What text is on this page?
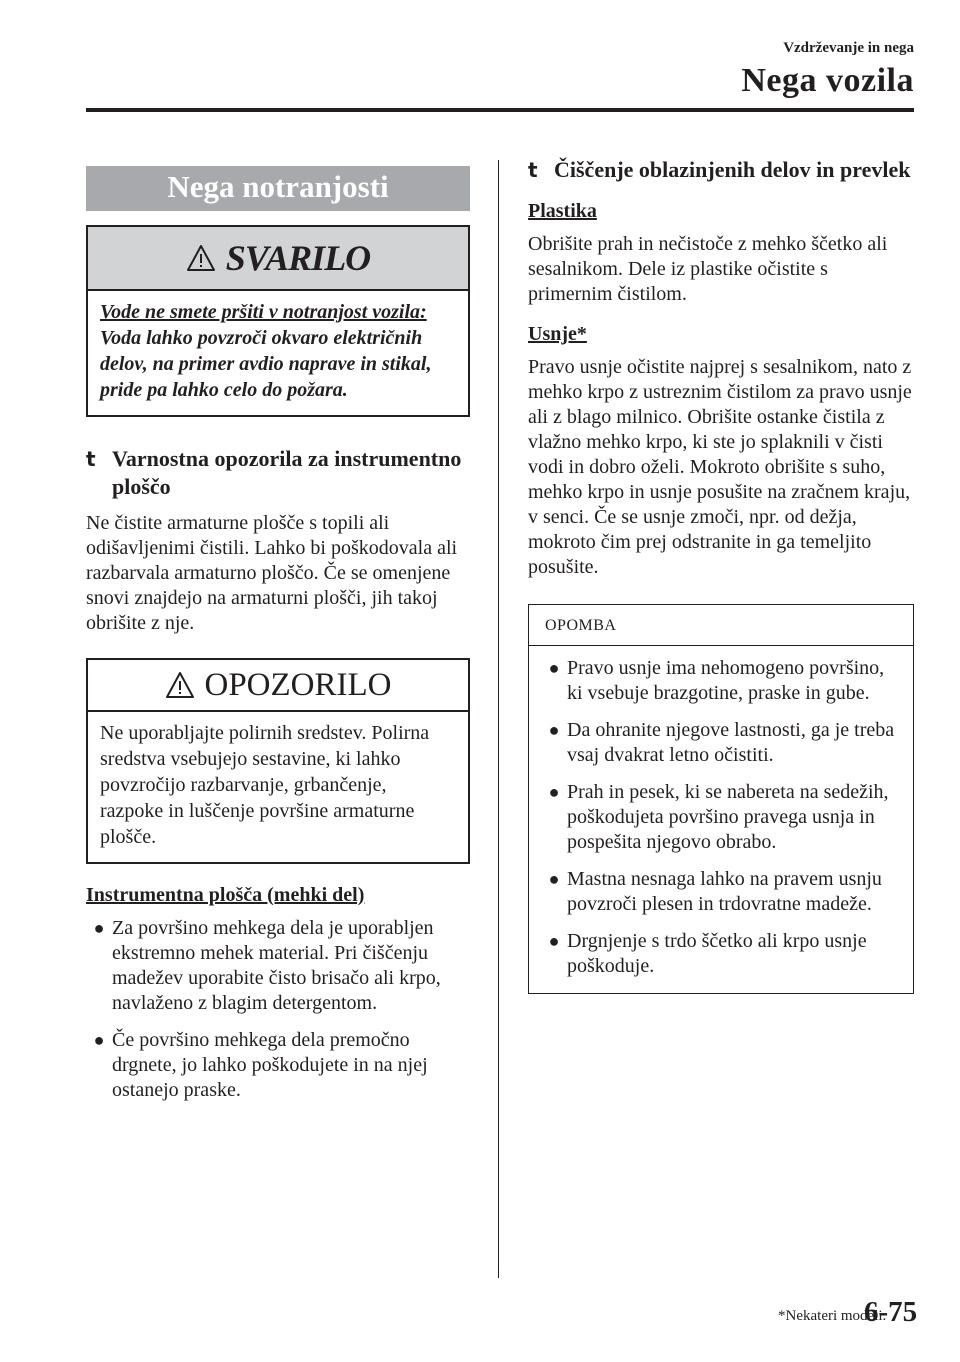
Vzdrževanje in nega
Nega vozila
Nega notranjosti
SVARILO
Vode ne smete pršiti v notranjost vozila:
Voda lahko povzroči okvaro električnih delov, na primer avdio naprave in stikal, pride pa lahko celo do požara.
t Varnostna opozorila za instrumentno ploščo

Ne čistite armaturne plošče s topili ali odišavljenimi čistili. Lahko bi poškodovala ali razbarvala armaturno ploščo. Če se omenjene snovi znajdejo na armaturni plošči, jih takoj obrišite z nje.

OPOZORILO
Ne uporabljajte polirnih sredstev. Polirna sredstva vsebujejo sestavine, ki lahko povzročijo razbarvanje, grbančenje, razpoke in luščenje površine armaturne plošče.
Instrumentna plošča (mehki del)
● Za površino mehkega dela je uporabljen ekstremno mehek material. Pri čiščenju madežev uporabite čisto brisačo ali krpo, navlaženo z blagim detergentom.
● Če površino mehkega dela premočno drgnete, jo lahko poškodujete in na njej ostanejo praske.
t Čiščenje oblazinjenih delov in prevlek
Plastika

Obrišite prah in nečistoče z mehko ščetko ali sesalnikom. Dele iz plastike očistite s primernim čistilom.

Usnje*

Pravo usnje očistite najprej s sesalnikom, nato z mehko krpo z ustreznim čistilom za pravo usnje ali z blago milnico. Obrišite ostanke čistila z vlažno mehko krpo, ki ste jo splaknili v čisti vodi in dobro oželi. Mokroto obrišite s suho, mehko krpo in usnje posušite na zračnem kraju, v senci. Če se usnje zmoči, npr. od dežja, mokroto čim prej odstranite in ga temeljito posušite.

OPOMBA
● Pravo usnje ima nehomogeno površino, ki vsebuje brazgotine, praske in gube.
● Da ohranite njegove lastnosti, ga je treba vsaj dvakrat letno očistiti.
● Prah in pesek, ki se nabereta na sedežih, poškodujeta površino pravega usnja in pospešita njegovo obrabo.
● Mastna nesnaga lahko na pravem usnju povzroči plesen in trdovratne madeže.
● Drgnjenje s trdo ščetko ali krpo usnje poškoduje.
*Nekateri modeli.
6-75
